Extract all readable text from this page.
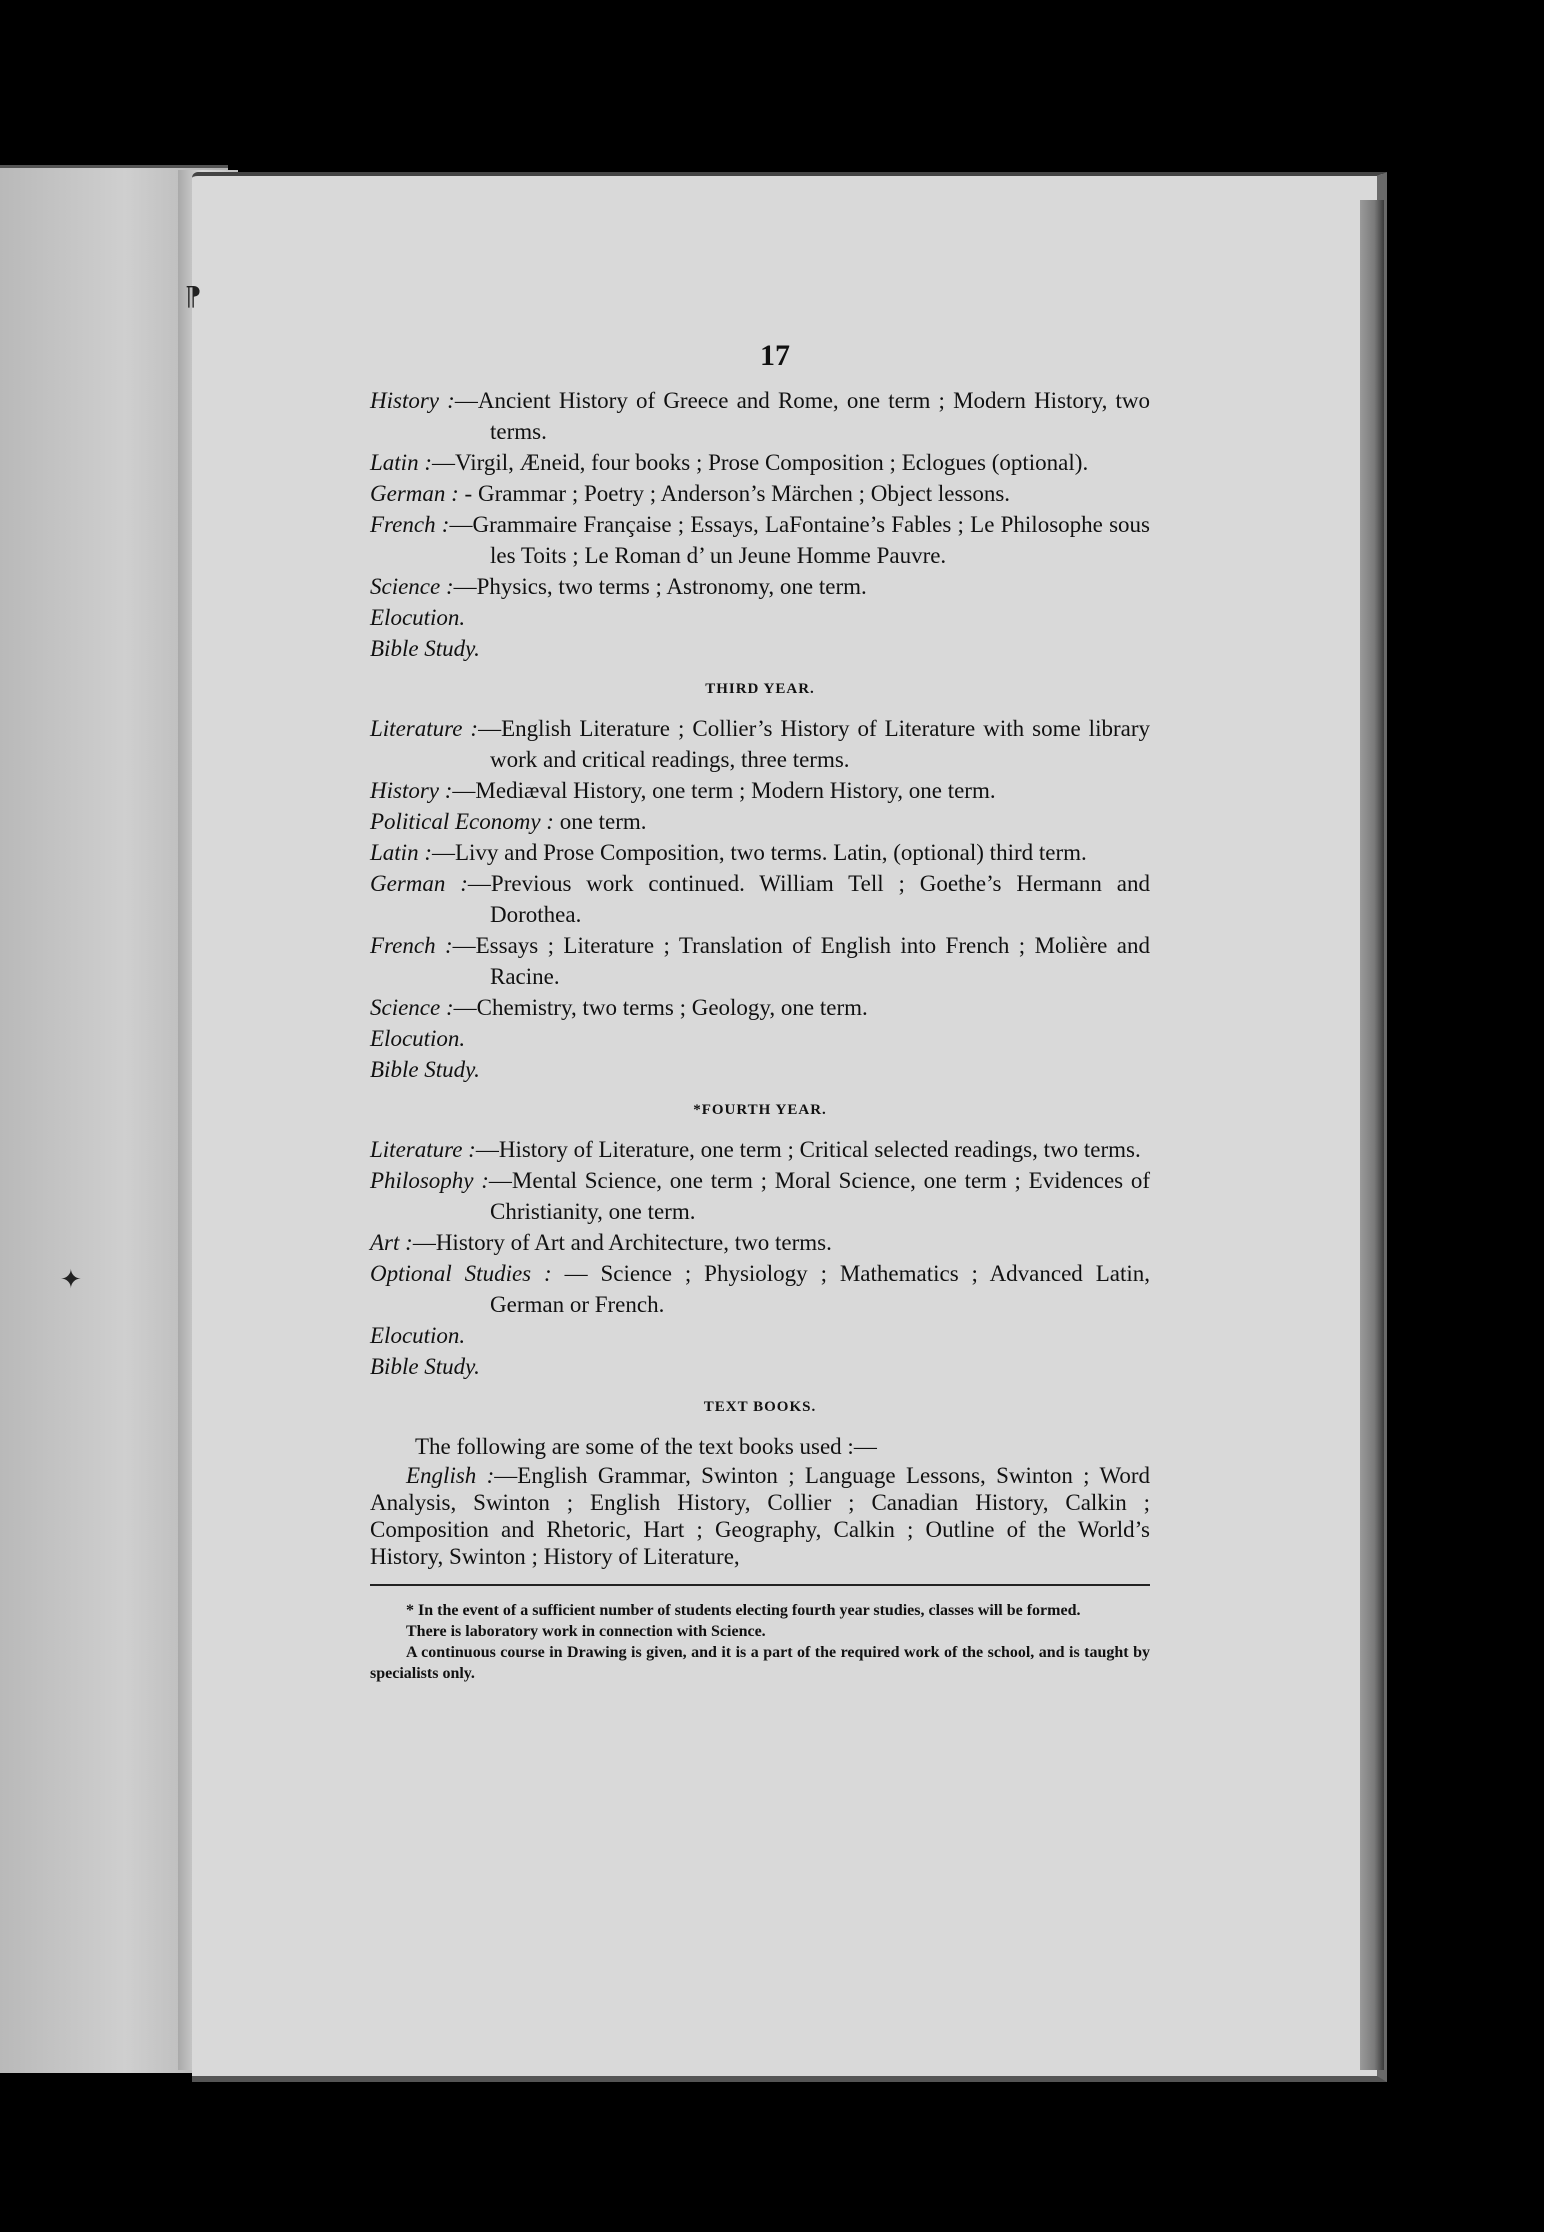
⁋
✦
17
History :—Ancient History of Greece and Rome, one term ; Modern History, two terms.
Latin :—Virgil, Æneid, four books ; Prose Composition ; Eclogues (optional).
German : - Grammar ; Poetry ; Anderson’s Märchen ; Object lessons.
French :—Grammaire Française ; Essays, LaFontaine’s Fables ; Le Philosophe sous les Toits ; Le Roman d’ un Jeune Homme Pauvre.
Science :—Physics, two terms ; Astronomy, one term.
Elocution.
Bible Study.
THIRD YEAR.
Literature :—English Literature ; Collier’s History of Literature with some library work and critical readings, three terms.
History :—Mediæval History, one term ; Modern History, one term.
Political Economy : one term.
Latin :—Livy and Prose Composition, two terms. Latin, (optional) third term.
German :—Previous work continued. William Tell ; Goethe’s Hermann and Dorothea.
French :—Essays ; Literature ; Translation of English into French ; Molière and Racine.
Science :—Chemistry, two terms ; Geology, one term.
Elocution.
Bible Study.
*FOURTH YEAR.
Literature :—History of Literature, one term ; Critical selected readings, two terms.
Philosophy :—Mental Science, one term ; Moral Science, one term ; Evidences of Christianity, one term.
Art :—History of Art and Architecture, two terms.
Optional Studies : — Science ; Physiology ; Mathematics ; Advanced Latin, German or French.
Elocution.
Bible Study.
TEXT BOOKS.
The following are some of the text books used :—
English :—English Grammar, Swinton ; Language Lessons, Swinton ; Word Analysis, Swinton ; English History, Collier ; Canadian History, Calkin ; Composition and Rhetoric, Hart ; Geography, Calkin ; Outline of the World’s History, Swinton ; History of Literature,
* In the event of a sufficient number of students electing fourth year studies, classes will be formed.
There is laboratory work in connection with Science.
A continuous course in Drawing is given, and it is a part of the required work of the school, and is taught by specialists only.
